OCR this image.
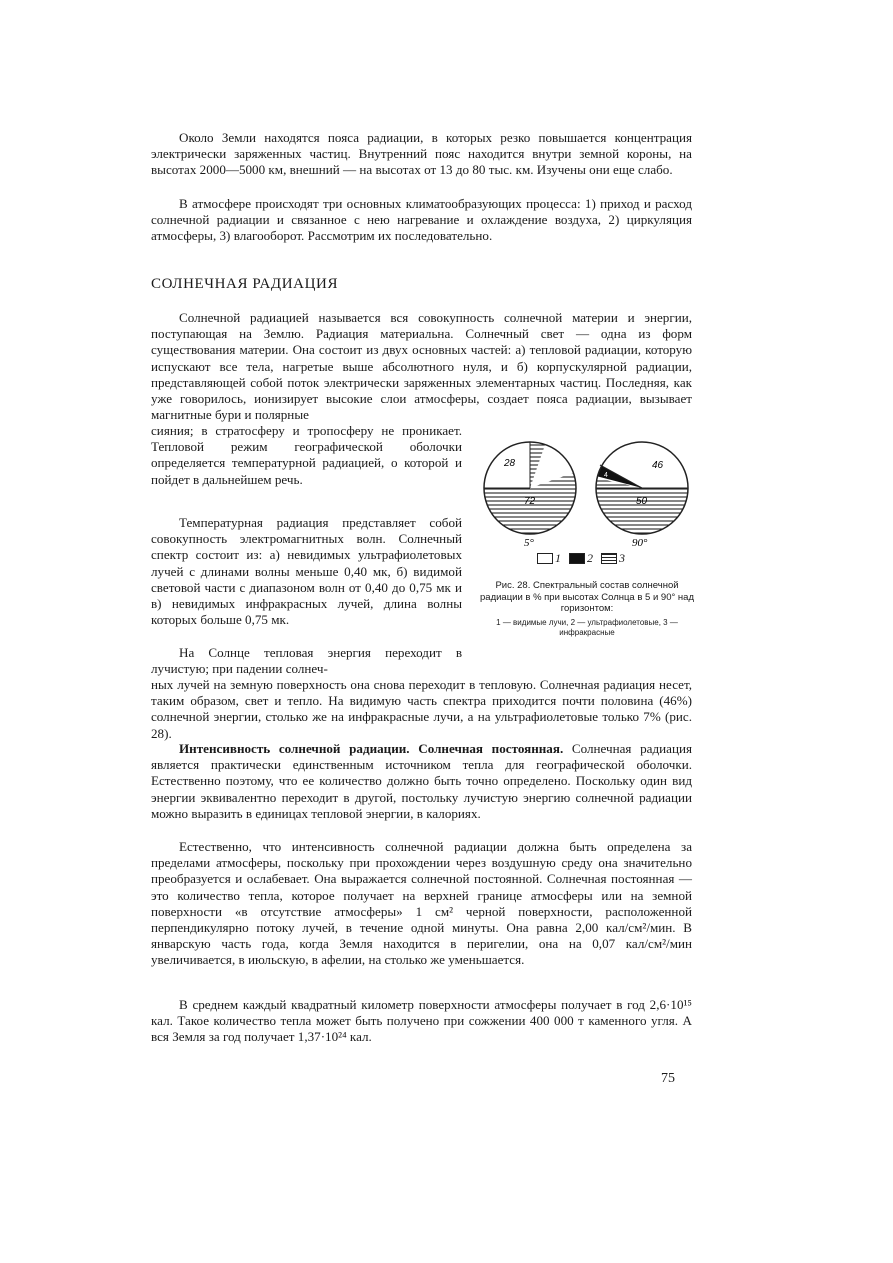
Около Земли находятся пояса радиации, в которых резко повышается концентрация электрически заряженных частиц. Внутренний пояс находится внутри земной короны, на высотах 2000—5000 км, внешний — на высотах от 13 до 80 тыс. км. Изучены они еще слабо.

В атмосфере происходят три основных климатообразующих процесса: 1) приход и расход солнечной радиации и связанное с нею нагревание и охлаждение воздуха, 2) циркуляция атмосферы, 3) влагооборот. Рассмотрим их последовательно.

СОЛНЕЧНАЯ РАДИАЦИЯ

Солнечной радиацией называется вся совокупность солнечной материи и энергии, поступающая на Землю. Радиация материальна. Солнечный свет — одна из форм существования материи. Она состоит из двух основных частей: а) тепловой радиации, которую испускают все тела, нагретые выше абсолютного нуля, и б) корпускулярной радиации, представляющей собой поток электрически заряженных элементарных частиц. Последняя, как уже говорилось, ионизирует высокие слои атмосферы, создает пояса радиации, вызывает магнитные бури и полярные

сияния; в стратосферу и тропосферу не проникает. Тепловой режим географической оболочки определяется температурной радиацией, о которой и пойдет в дальнейшем речь.

Температурная радиация представляет собой совокупность электромагнитных волн. Солнечный спектр состоит из: а) невидимых ультрафиолетовых лучей с длинами волны меньше 0,40 мк, б) видимой световой части с диапазоном волн от 0,40 до 0,75 мк и в) невидимых инфракрасных лучей, длина волны которых больше 0,75 мк.

На Солнце тепловая энергия переходит в лучистую; при падении солнеч-

ных лучей на земную поверхность она снова переходит в тепловую. Солнечная радиация несет, таким образом, свет и тепло. На видимую часть спектра приходится почти половина (46%) солнечной энергии, столько же на инфракрасные лучи, а на ультрафиолетовые только 7% (рис. 28).

Интенсивность солнечной радиации. Солнечная постоянная. Солнечная радиация является практически единственным источником тепла для географической оболочки. Естественно поэтому, что ее количество должно быть точно определено. Поскольку один вид энергии эквивалентно переходит в другой, постольку лучистую энергию солнечной радиации можно выразить в единицах тепловой энергии, в калориях.

Естественно, что интенсивность солнечной радиации должна быть определена за пределами атмосферы, поскольку при прохождении через воздушную среду она значительно преобразуется и ослабевает. Она выражается солнечной постоянной. Солнечная постоянная — это количество тепла, которое получает на верхней границе атмосферы или на земной поверхности «в отсутствие атмосферы» 1 см² черной поверхности, расположенной перпендикулярно потоку лучей, в течение одной минуты. Она равна 2,00 кал/см²/мин. В январскую часть года, когда Земля находится в перигелии, она на 0,07 кал/см²/мин увеличивается, в июльскую, в афелии, на столько же уменьшается.

В среднем каждый квадратный километр поверхности атмосферы получает в год 2,6·10¹⁵ кал. Такое количество тепла может быть получено при сожжении 400 000 т каменного угля. А вся Земля за год получает 1,37·10²⁴ кал.

28
72
46
4
50
5°	90°
1 2 3
Рис. 28. Спектральный состав солнечной радиации в % при высотах Солнца в 5 и 90° над горизонтом:
1 — видимые лучи, 2 — ультрафиолетовые, 3 — инфракрасные
75
